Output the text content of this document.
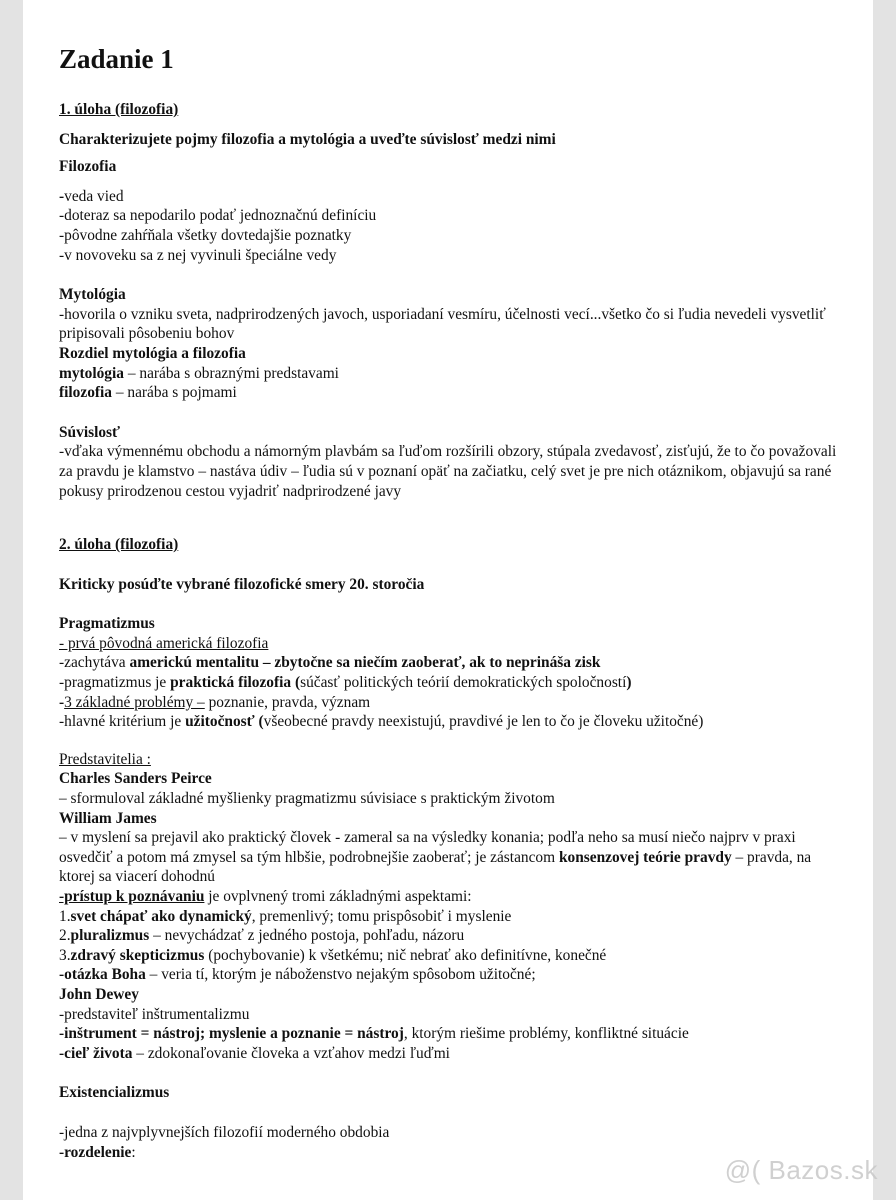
Zadanie 1
1. úloha (filozofia)
Charakterizujete pojmy filozofia a mytológia a uveďte súvislosť medzi nimi
Filozofia
-veda vied
-doteraz sa nepodarilo podať jednoznačnú definíciu
-pôvodne zahŕňala všetky dovtedajšie poznatky
-v novoveku sa z nej vyvinuli špeciálne vedy
Mytológia
-hovorila o vzniku sveta, nadprirodzených javoch, usporiadaní vesmíru, účelnosti vecí...všetko čo si ľudia nevedeli vysvetliť pripisovali pôsobeniu bohov
Rozdiel mytológia a filozofia
mytológia – narába s obraznými predstavami
filozofia – narába s pojmami
Súvislosť
-vďaka výmennému obchodu a námorným plavbám sa ľuďom rozšírili obzory, stúpala zvedavosť, zisťujú, že to čo považovali za pravdu je klamstvo – nastáva údiv – ľudia sú v poznaní opäť na začiatku, celý svet je pre nich otáznikom, objavujú sa rané pokusy prirodzenou cestou vyjadriť nadprirodzené javy
2. úloha (filozofia)
Kriticky posúďte vybrané filozofické smery 20. storočia
Pragmatizmus
- prvá pôvodná americká filozofia
-zachytáva americkú mentalitu – zbytočne sa niečím zaoberať, ak to neprináša zisk
-pragmatizmus je praktická filozofia (súčasť politických teórií demokratických spoločností)
-3 základné problémy – poznanie, pravda, význam
-hlavné kritérium je užitočnosť (všeobecné pravdy neexistujú, pravdivé je len to čo je človeku užitočné)
Predstavitelia :
Charles Sanders Peirce
– sformuloval základné myšlienky pragmatizmu súvisiace s praktickým životom
William James
– v myslení sa prejavil ako praktický človek - zameral sa na výsledky konania; podľa neho sa musí niečo najprv v praxi osvedčiť a potom má zmysel sa tým hlbšie, podrobnejšie zaoberať; je zástancom konsenzovej teórie pravdy – pravda, na ktorej sa viacerí dohodnú
-prístup k poznávaniu je ovplvnený tromi základnými aspektami:
1.svet chápať ako dynamický, premenlivý; tomu prispôsobiť i myslenie
2.pluralizmus – nevychádzať z jedného postoja, pohľadu, názoru
3.zdravý skepticizmus (pochybovanie) k všetkému; nič nebrať ako definitívne, konečné
-otázka Boha – veria tí, ktorým je náboženstvo nejakým spôsobom užitočné;
John Dewey
-predstaviteľ inštrumentalizmu
-inštrument = nástroj; myslenie a poznanie = nástroj, ktorým riešime problémy, konfliktné situácie
-cieľ života – zdokonaľovanie človeka a vzťahov medzi ľuďmi
Existencializmus
-jedna z najvplyvnejších filozofií moderného obdobia
-rozdelenie:
@( Bazos.sk
